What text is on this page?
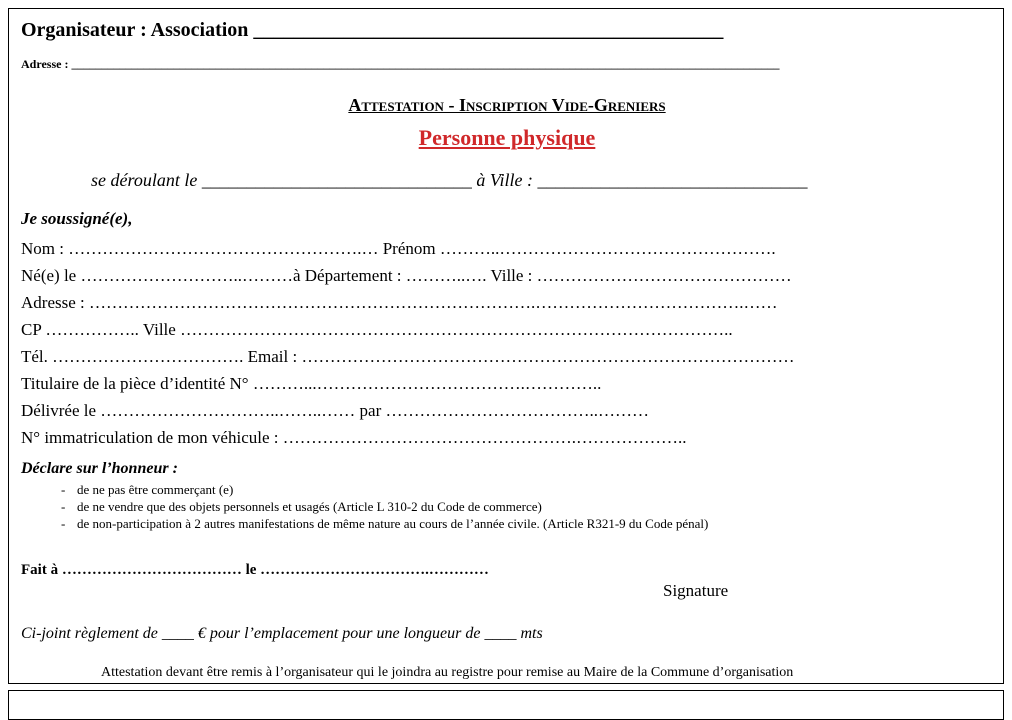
Organisateur : Association _______________________________________________
Adresse : ______________________________________________________________________________________________________________________
Attestation - Inscription Vide-Greniers
Personne physique
se déroulant le ______________________________ à Ville : ______________________________
Je soussigné(e),
Nom : …………………………………………….… Prénom ………..………………………………………….
Né(e) le ………………………..………à Département : ………..…. Ville : ………………………………………
Adresse : …………………………………………………………………….……………………………….……
CP …………….. Ville ……………………………………………………………………………………..
Tél. ……………………………. Email : ……………………………………………………………………………
Titulaire de la pièce d’identité N° ………...……………………………….…………..
Délivrée le …………………………..……..…… par ………………………………..………
N° immatriculation de mon véhicule : …………………………………………….………………..
Déclare sur l’honneur :
- de ne pas être commerçant (e)
- de ne vendre que des objets personnels et usagés (Article L 310-2 du Code de commerce)
- de non-participation à 2 autres manifestations de même nature au cours de l’année civile. (Article R321-9 du Code pénal)
Fait à ……………………………… le …………………………….…………
Signature
Ci-joint règlement de ____ € pour l’emplacement pour une longueur de ____ mts
Attestation devant être remis à l’organisateur qui le joindra au registre pour remise au Maire de la Commune d’organisation
